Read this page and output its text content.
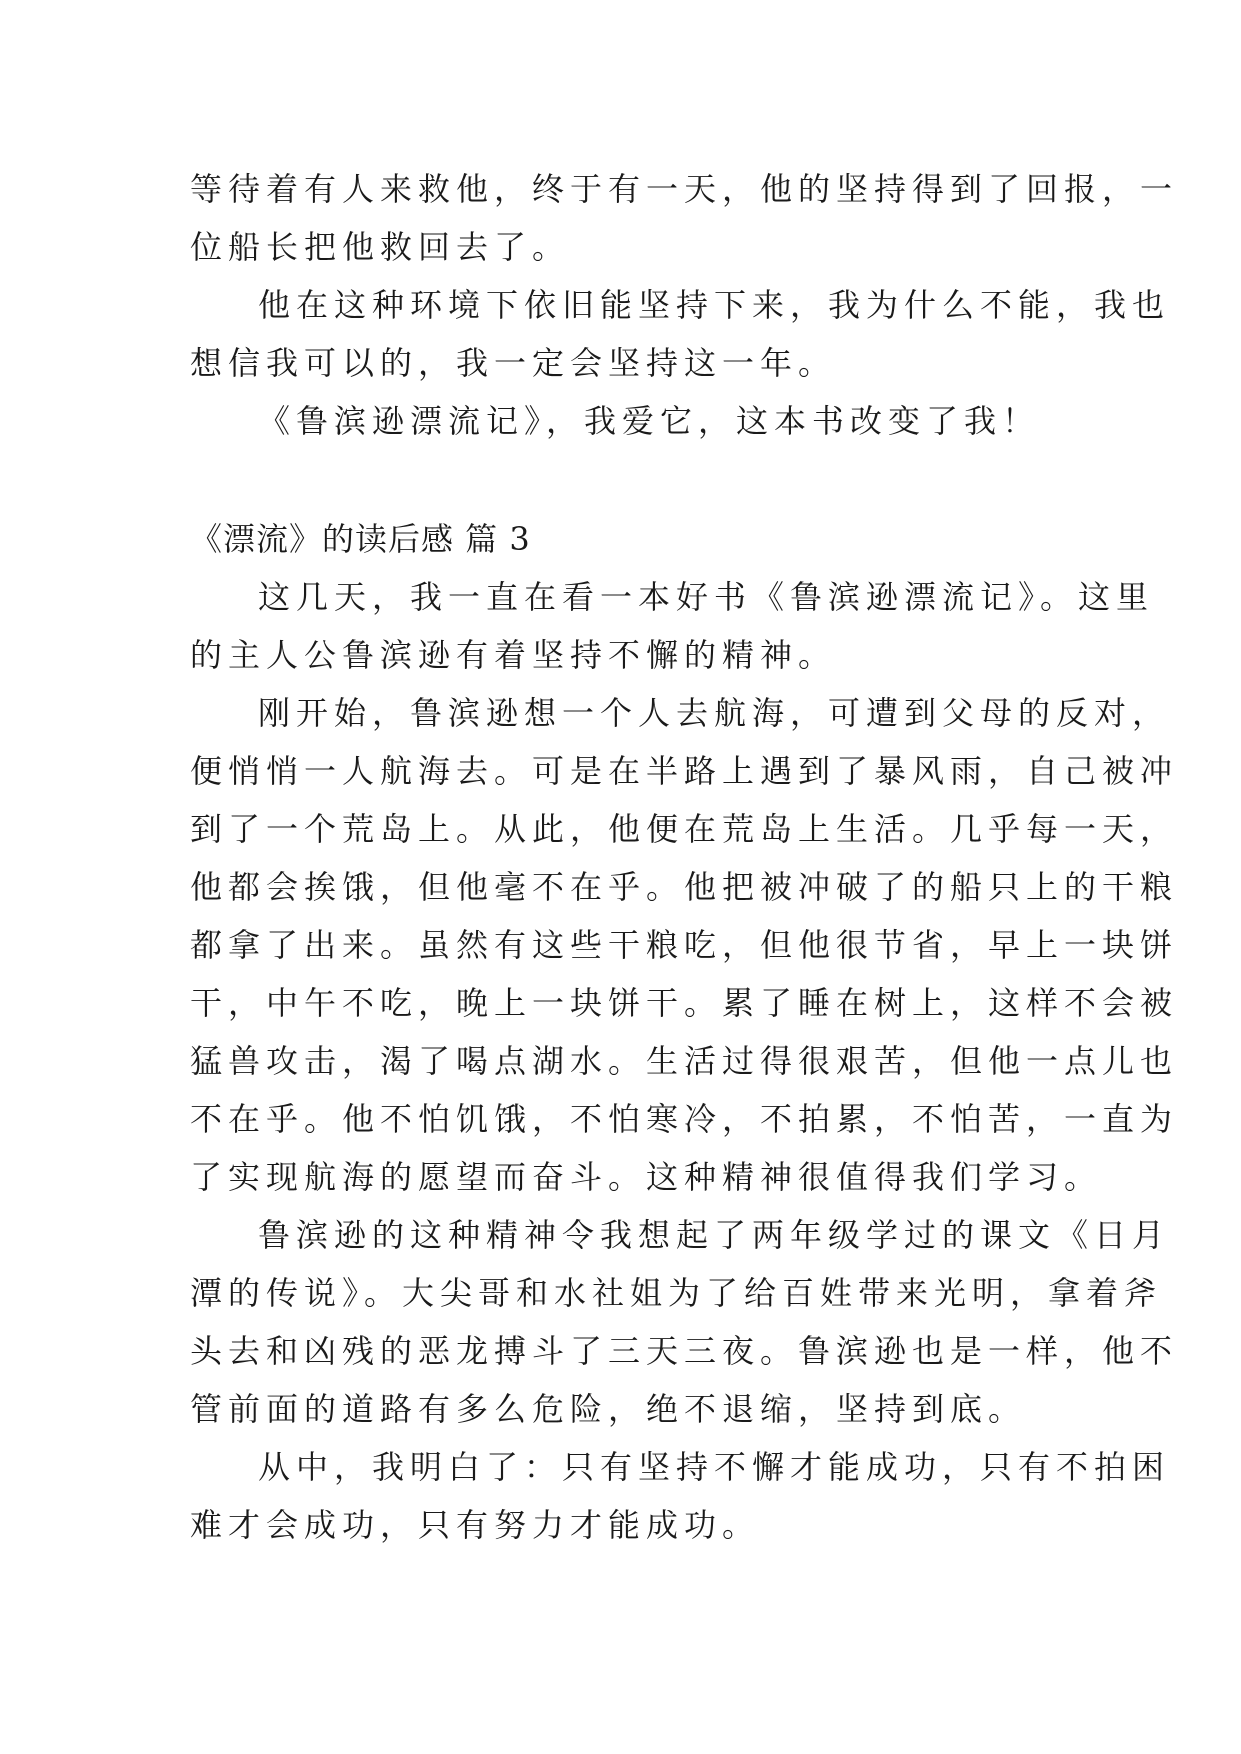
等待着有人来救他，终于有一天，他的坚持得到了回报，一
位船长把他救回去了。
他在这种环境下依旧能坚持下来，我为什么不能，我也
想信我可以的，我一定会坚持这一年。
《鲁滨逊漂流记》，我爱它，这本书改变了我！
《漂流》的读后感 篇 3
这几天，我一直在看一本好书《鲁滨逊漂流记》。这里
的主人公鲁滨逊有着坚持不懈的精神。
刚开始，鲁滨逊想一个人去航海，可遭到父母的反对，
便悄悄一人航海去。可是在半路上遇到了暴风雨，自己被冲
到了一个荒岛上。从此，他便在荒岛上生活。几乎每一天，
他都会挨饿，但他毫不在乎。他把被冲破了的船只上的干粮
都拿了出来。虽然有这些干粮吃，但他很节省，早上一块饼
干，中午不吃，晚上一块饼干。累了睡在树上，这样不会被
猛兽攻击，渴了喝点湖水。生活过得很艰苦，但他一点儿也
不在乎。他不怕饥饿，不怕寒冷，不拍累，不怕苦，一直为
了实现航海的愿望而奋斗。这种精神很值得我们学习。
鲁滨逊的这种精神令我想起了两年级学过的课文《日月
潭的传说》。大尖哥和水社姐为了给百姓带来光明，拿着斧
头去和凶残的恶龙搏斗了三天三夜。鲁滨逊也是一样，他不
管前面的道路有多么危险，绝不退缩，坚持到底。
从中，我明白了：只有坚持不懈才能成功，只有不拍困
难才会成功，只有努力才能成功。
